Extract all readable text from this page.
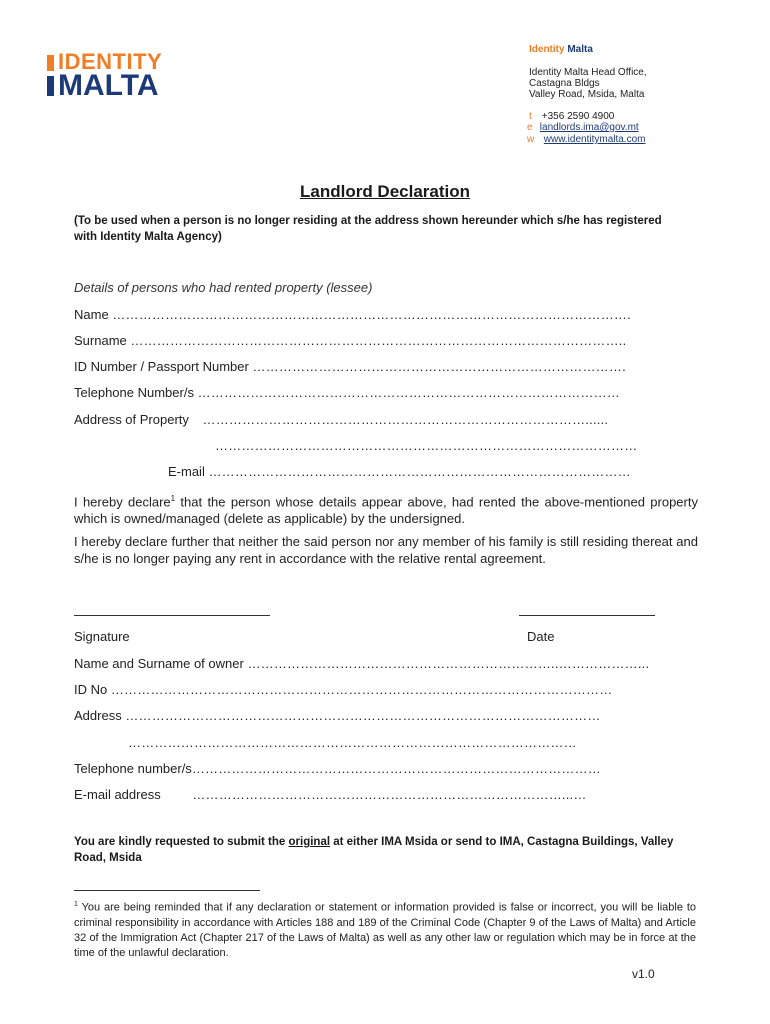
IDENTITY
MALTA
Identity Malta
Identity Malta Head Office,
Castagna Bldgs
Valley Road, Msida, Malta
t +356 2590 4900
e landlords.ima@gov.mt
w www.identitymalta.com
Landlord Declaration
(To be used when a person is no longer residing at the address shown hereunder which s/he has registered with Identity Malta Agency)
Details of persons who had rented property (lessee)
Name ……………………………………………………………………………………………………….
Surname …………………………………………………………………………………………………..
ID Number / Passport Number ………………………………………………………………………….
Telephone Number/s ……………………………………………………………………………………
Address of Property ……………………………………………………………………………......
……………………………………………………………………………………
E-mail ……………………………………………………………………………………
I hereby declare$^1$ that the person whose details appear above, had rented the above-mentioned property which is owned/managed (delete as applicable) by the undersigned.
I hereby declare further that neither the said person nor any member of his family is still residing thereat and s/he is no longer paying any rent in accordance with the relative rental agreement.
Signature	Date
Name and Surname of owner ……………………………………………………………..………………...
ID No ……………………………………………………………………………………………………
Address ………………………………………………………………………………………………
…………………………………………………………………………………………
Telephone number/s…………………………………………………………………………………
E-mail address …………………………………………………………………………...…
You are kindly requested to submit the original at either IMA Msida or send to IMA, Castagna Buildings, Valley Road, Msida
$^1$ You are being reminded that if any declaration or statement or information provided is false or incorrect, you will be liable to criminal responsibility in accordance with Articles 188 and 189 of the Criminal Code (Chapter 9 of the Laws of Malta) and Article 32 of the Immigration Act (Chapter 217 of the Laws of Malta) as well as any other law or regulation which may be in force at the time of the unlawful declaration.
v1.0
